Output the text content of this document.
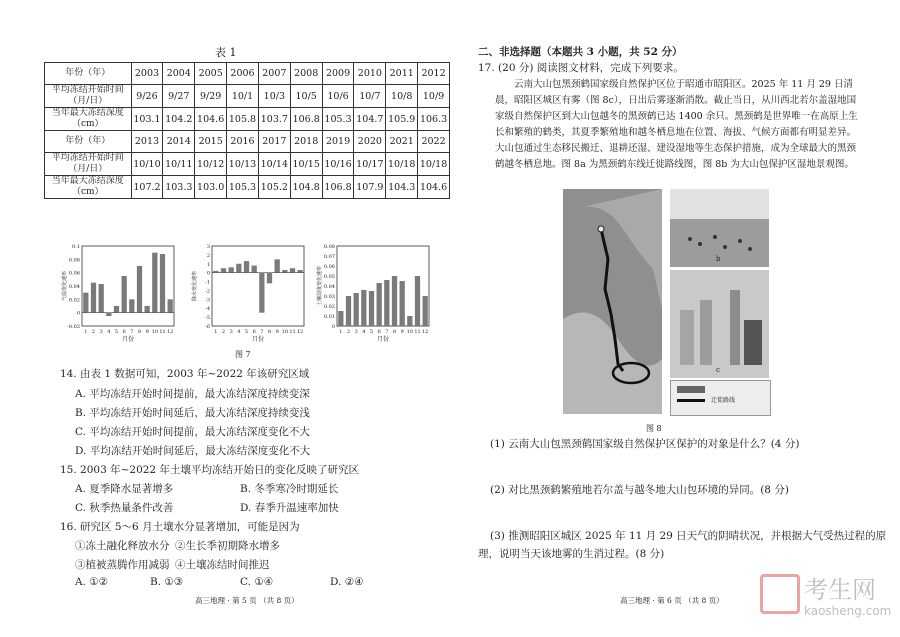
表 1
年份（年）	2003	2004	2005	2006	2007	2008	2009	2010	2011	2012
平均冻结开始时间（月/日）	9/26	9/27	9/29	10/1	10/3	10/5	10/6	10/7	10/8	10/9
当年最大冻结深度（cm）	103.1	104.2	104.6	105.8	103.7	106.8	105.3	104.7	105.9	106.3
年份（年）	2013	2014	2015	2016	2017	2018	2019	2020	2021	2022
平均冻结开始时间（月/日）	10/10	10/11	10/12	10/13	10/14	10/15	10/16	10/17	10/18	10/18
当年最大冻结深度（cm）	107.2	103.3	103.0	105.3	105.2	104.8	106.8	107.9	104.3	104.6
-0.02
0
0.02
0.04
0.06
0.08
0.1
1 2 3 4 5 6 7 8 9 10 11 12
月份
气温变化速率
-6
-5
-4
-3
-2
-1
0
1
2
3
1 2 3 4 5 6 7 8 9 10 11 12
月份
降水变化速率
0
0.01
0.02
0.03
0.04
0.05
0.06
0.07
0.08
1 2 3 4 5 6 7 8 9 10 11 12
月份
土壤湿度变化速率
图 7
14. 由表 1 数据可知，2003 年~2022 年该研究区域
A. 平均冻结开始时间提前，最大冻结深度持续变深
B. 平均冻结开始时间延后，最大冻结深度持续变浅
C. 平均冻结开始时间提前，最大冻结深度变化不大
D. 平均冻结开始时间延后，最大冻结深度变化不大
15. 2003 年~2022 年土壤平均冻结开始日的变化反映了研究区
A. 夏季降水显著增多	B. 冬季寒冷时期延长
C. 秋季热量条件改善	D. 春季升温速率加快
16. 研究区 5～6 月土壤水分显著增加，可能是因为
①冻土融化释放水分 ②生长季初期降水增多
③植被蒸腾作用减弱 ④土壤冻结时间推迟
A. ①②	B. ①③	C. ①④	D. ②④
高三地理 · 第 5 页 （共 8 页）
二、非选择题（本题共 3 小题，共 52 分）
17. (20 分) 阅读图文材料，完成下列要求。
云南大山包黑颈鹤国家级自然保护区位于昭通市昭阳区。2025 年 11 月 29 日清晨，昭阳区城区有雾（图 8c），日出后雾逐渐消散。截止当日，从川西北若尔盖湿地国家级自然保护区到大山包越冬的黑颈鹤已达 1400 余只。黑颈鹤是世界唯一在高原上生长和繁殖的鹤类，其夏季繁殖地和越冬栖息地在位置、海拔、气候方面都有明显差异。大山包通过生态移民搬迁、退耕还湿、建设湿地等生态保护措施，成为全球最大的黑颈鹤越冬栖息地。图 8a 为黑颈鹤东线迁徙路线图，图 8b 为大山包保护区湿地景观图。
b
c
迁徙路线
图 8
(1) 云南大山包黑颈鹤国家级自然保护区保护的对象是什么？(4 分)
(2) 对比黑颈鹤繁殖地若尔盖与越冬地大山包环境的异同。(8 分)
(3) 推测昭阳区城区 2025 年 11 月 29 日天气的阴晴状况，并根据大气受热过程的原
理，说明当天该地雾的生消过程。(8 分)
高三地理 · 第 6 页 （共 8 页）	考生网
kaosheng.com
